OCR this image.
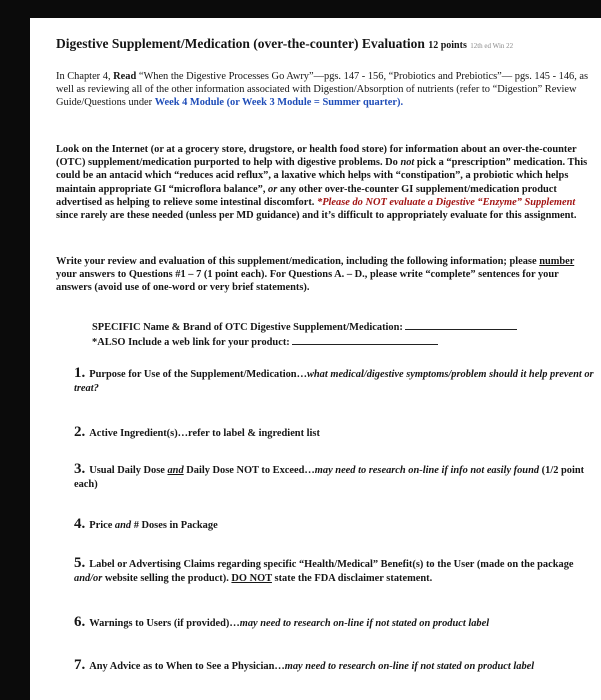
Digestive Supplement/Medication (over-the-counter) Evaluation 12 points 12th ed Win 22
In Chapter 4, Read “When the Digestive Processes Go Awry”—pgs. 147 - 156, “Probiotics and Prebiotics”— pgs. 145 - 146, as well as reviewing all of the other information associated with Digestion/Absorption of nutrients (refer to “Digestion” Review Guide/Questions under Week 4 Module (or Week 3 Module = Summer quarter).
Look on the Internet (or at a grocery store, drugstore, or health food store) for information about an over-the-counter (OTC) supplement/medication purported to help with digestive problems. Do not pick a “prescription” medication. This could be an antacid which “reduces acid reflux”, a laxative which helps with “constipation”, a probiotic which helps maintain appropriate GI “microflora balance”, or any other over-the-counter GI supplement/medication product advertised as helping to relieve some intestinal discomfort. *Please do NOT evaluate a Digestive “Enzyme” Supplement since rarely are these needed (unless per MD guidance) and it’s difficult to appropriately evaluate for this assignment.
Write your review and evaluation of this supplement/medication, including the following information; please number your answers to Questions #1 – 7 (1 point each). For Questions A. – D., please write “complete” sentences for your answers (avoid use of one-word or very brief statements).
SPECIFIC Name & Brand of OTC Digestive Supplement/Medication:
*ALSO Include a web link for your product:
1. Purpose for Use of the Supplement/Medication…what medical/digestive symptoms/problem should it help prevent or treat?
2. Active Ingredient(s)…refer to label & ingredient list
3. Usual Daily Dose and Daily Dose NOT to Exceed…may need to research on-line if info not easily found (1/2 point each)
4. Price and # Doses in Package
5. Label or Advertising Claims regarding specific “Health/Medical” Benefit(s) to the User (made on the package and/or website selling the product). DO NOT state the FDA disclaimer statement.
6. Warnings to Users (if provided)…may need to research on-line if not stated on product label
7. Any Advice as to When to See a Physician…may need to research on-line if not stated on product label
